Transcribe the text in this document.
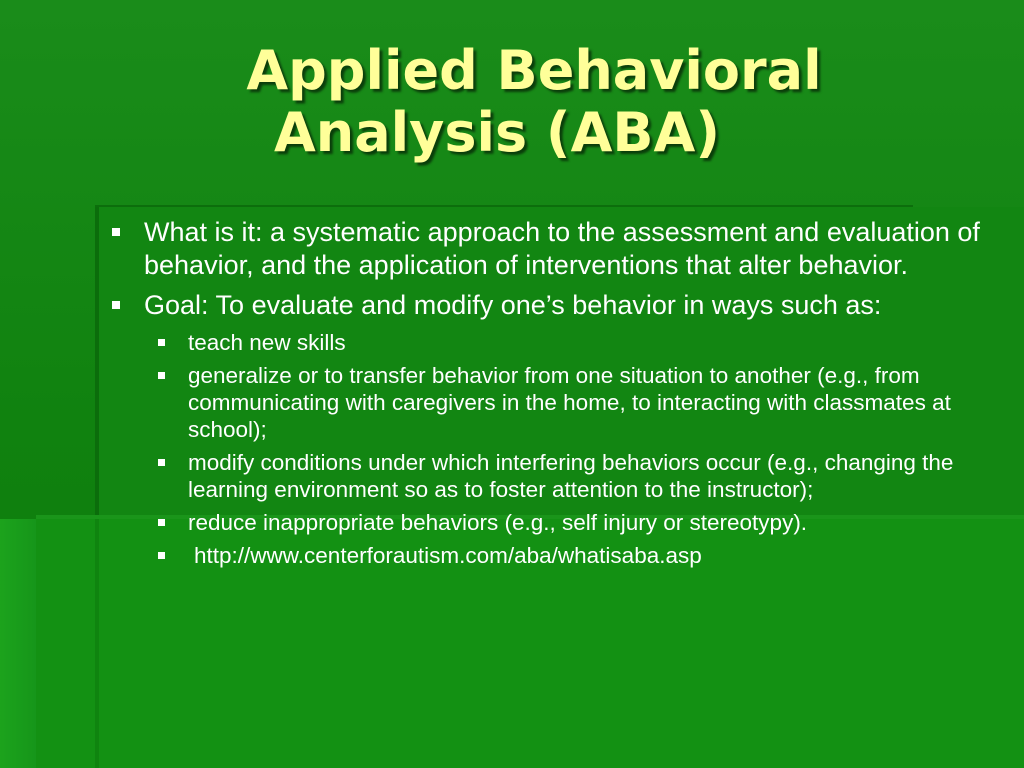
Applied Behavioral
Analysis (ABA)
What is it: a systematic approach to the assessment and evaluation of behavior, and the application of interventions that alter behavior.
Goal: To evaluate and modify one’s behavior in ways such as:
teach new skills
generalize or to transfer behavior from one situation to another (e.g., from communicating with caregivers in the home, to interacting with classmates at school);
modify conditions under which interfering behaviors occur (e.g., changing the learning environment so as to foster attention to the instructor);
reduce inappropriate behaviors (e.g., self injury or stereotypy).
http://www.centerforautism.com/aba/whatisaba.asp
